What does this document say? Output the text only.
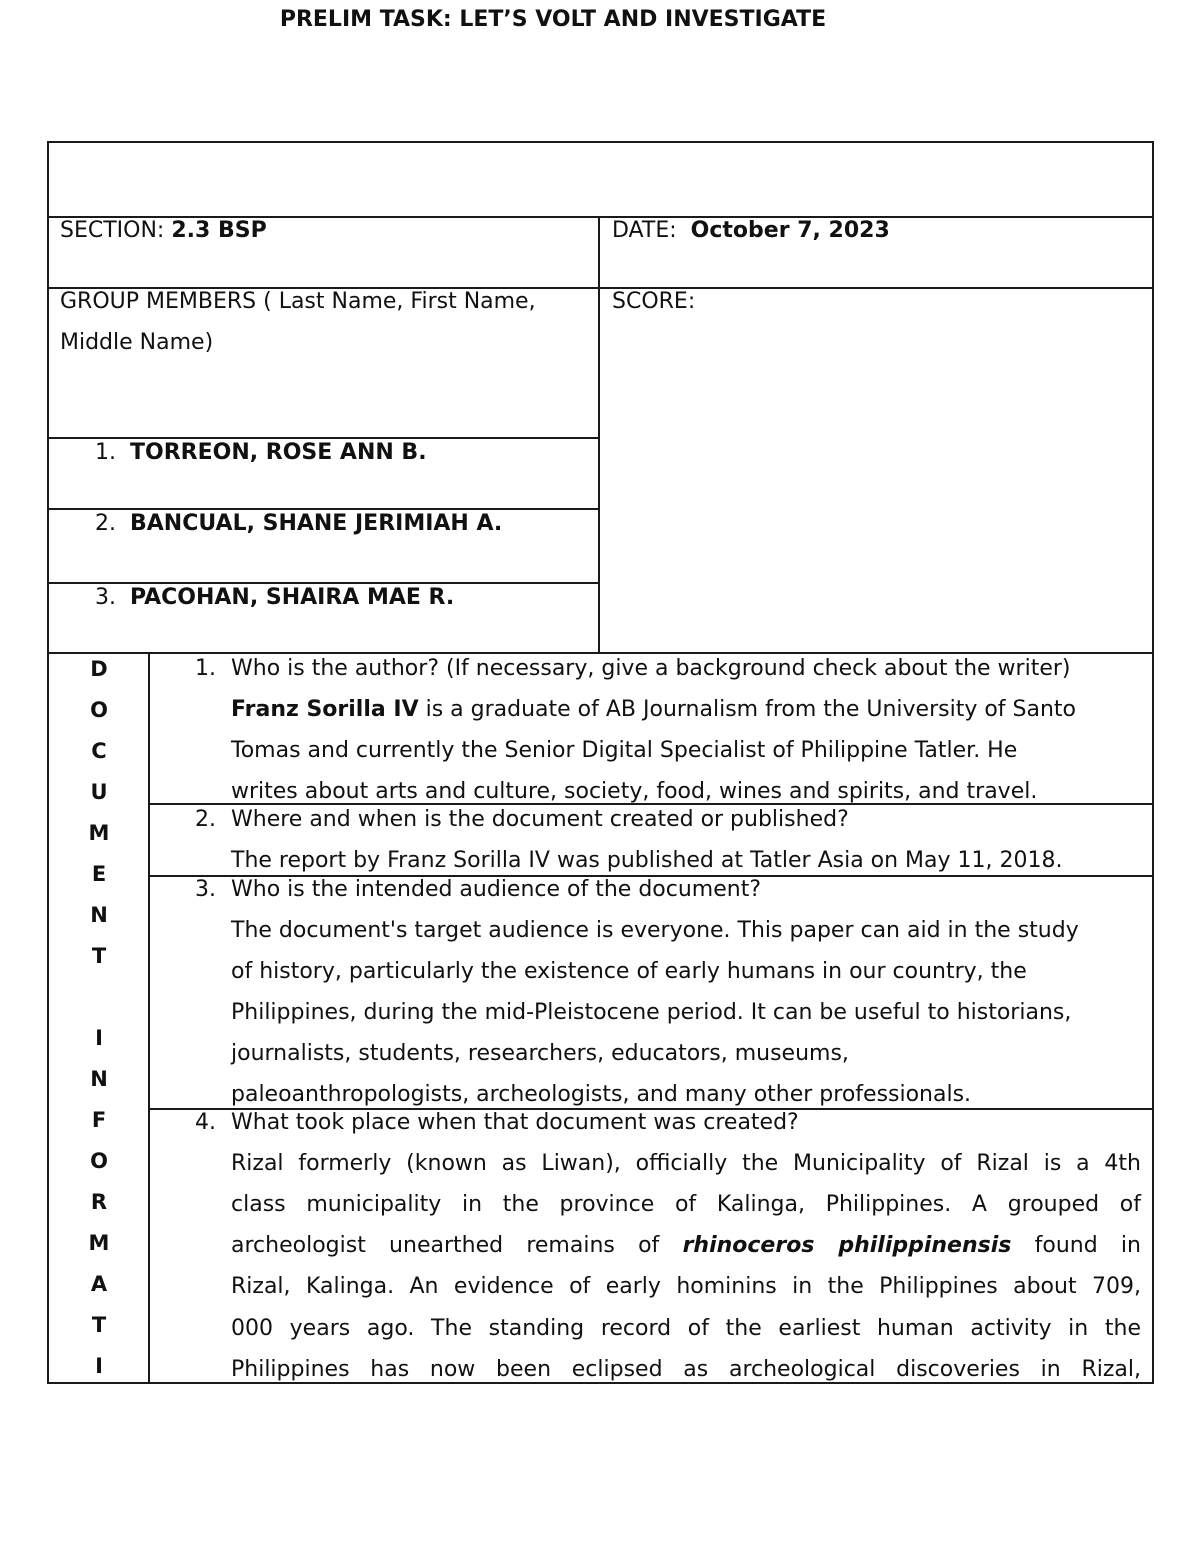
PRELIM TASK: LET’S VOLT AND INVESTIGATE
SECTION: 2.3 BSP	DATE: October 7, 2023
GROUP MEMBERS ( Last Name, First Name,
Middle Name)
SCORE:
1. TORREON, ROSE ANN B.
2. BANCUAL, SHANE JERIMIAH A.
3. PACOHAN, SHAIRA MAE R.
D
O
C
U
M
E
N
T
I
N
F
O
R
M
A
T
I
1. Who is the author? (If necessary, give a background check about the writer)
Franz Sorilla IV is a graduate of AB Journalism from the University of Santo
Tomas and currently the Senior Digital Specialist of Philippine Tatler. He
writes about arts and culture, society, food, wines and spirits, and travel.
2. Where and when is the document created or published?
The report by Franz Sorilla IV was published at Tatler Asia on May 11, 2018.
3. Who is the intended audience of the document?
The document's target audience is everyone. This paper can aid in the study
of history, particularly the existence of early humans in our country, the
Philippines, during the mid-Pleistocene period. It can be useful to historians,
journalists, students, researchers, educators, museums,
paleoanthropologists, archeologists, and many other professionals.
4. What took place when that document was created?
Rizal formerly (known as Liwan), officially the Municipality of Rizal is a 4th
class municipality in the province of Kalinga, Philippines. A grouped of
archeologist unearthed remains of rhinoceros philippinensis found in
Rizal, Kalinga. An evidence of early hominins in the Philippines about 709,
000 years ago. The standing record of the earliest human activity in the
Philippines has now been eclipsed as archeological discoveries in Rizal,
